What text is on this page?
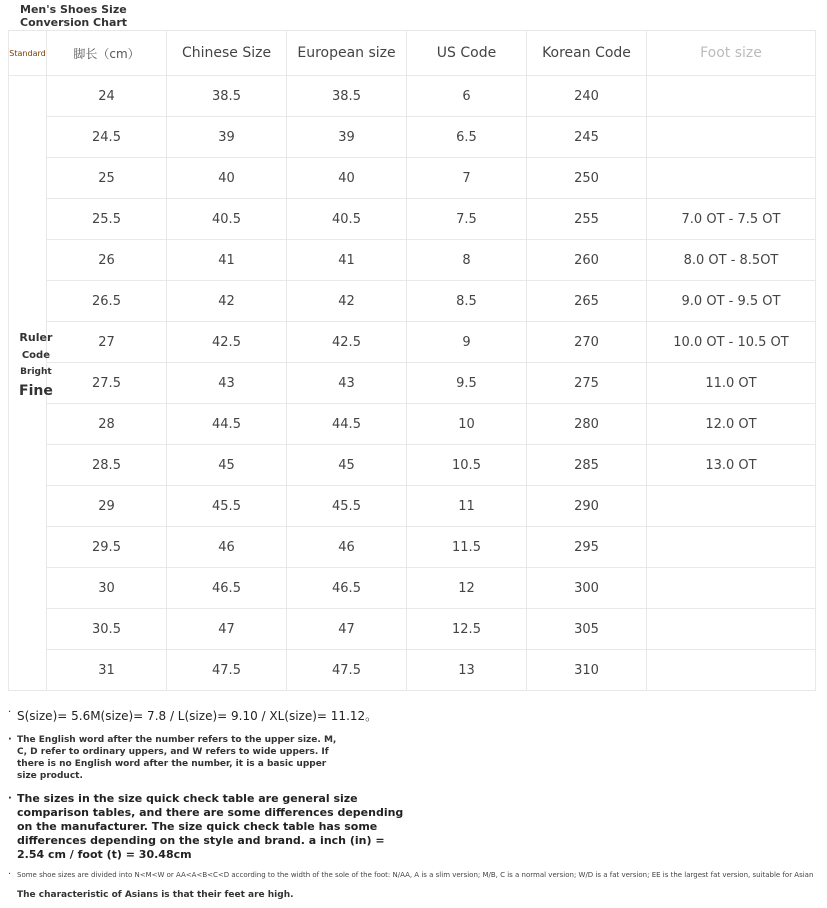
Men's Shoes Size Conversion Chart
Standard	脚长（cm）	Chinese Size	European size	US Code	Korean Code	Foot size

Ruler
Code
Bright
Fine	24	38.5	38.5	6	240	
	24.5	39	39	6.5	245	
	25	40	40	7	250	
	25.5	40.5	40.5	7.5	255	7.0 OT - 7.5 OT
	26	41	41	8	260	8.0 OT - 8.5OT
	26.5	42	42	8.5	265	9.0 OT - 9.5 OT
	27	42.5	42.5	9	270	10.0 OT - 10.5 OT
	27.5	43	43	9.5	275	11.0 OT
	28	44.5	44.5	10	280	12.0 OT
	28.5	45	45	10.5	285	13.0 OT
	29	45.5	45.5	11	290	
	29.5	46	46	11.5	295	
	30	46.5	46.5	12	300	
	30.5	47	47	12.5	305	
	31	47.5	47.5	13	310	
· S(size)= 5.6M(size)= 7.8 / L(size)= 9.10 / XL(size)= 11.12。
· The English word after the number refers to the upper size. M, C, D refer to ordinary uppers, and W refers to wide uppers. If there is no English word after the number, it is a basic upper size product.
· The sizes in the size quick check table are general size comparison tables, and there are some differences depending on the manufacturer. The size quick check table has some differences depending on the style and brand. a inch (in) = 2.54 cm / foot (t) = 30.48cm
· Some shoe sizes are divided into N<M<W or AA<A<B<C<D according to the width of the sole of the foot: N/AA, A is a slim version; M/B, C is a normal version; W/D is a fat version; EE is the largest fat version, suitable for Asian
The characteristic of Asians is that their feet are high.
